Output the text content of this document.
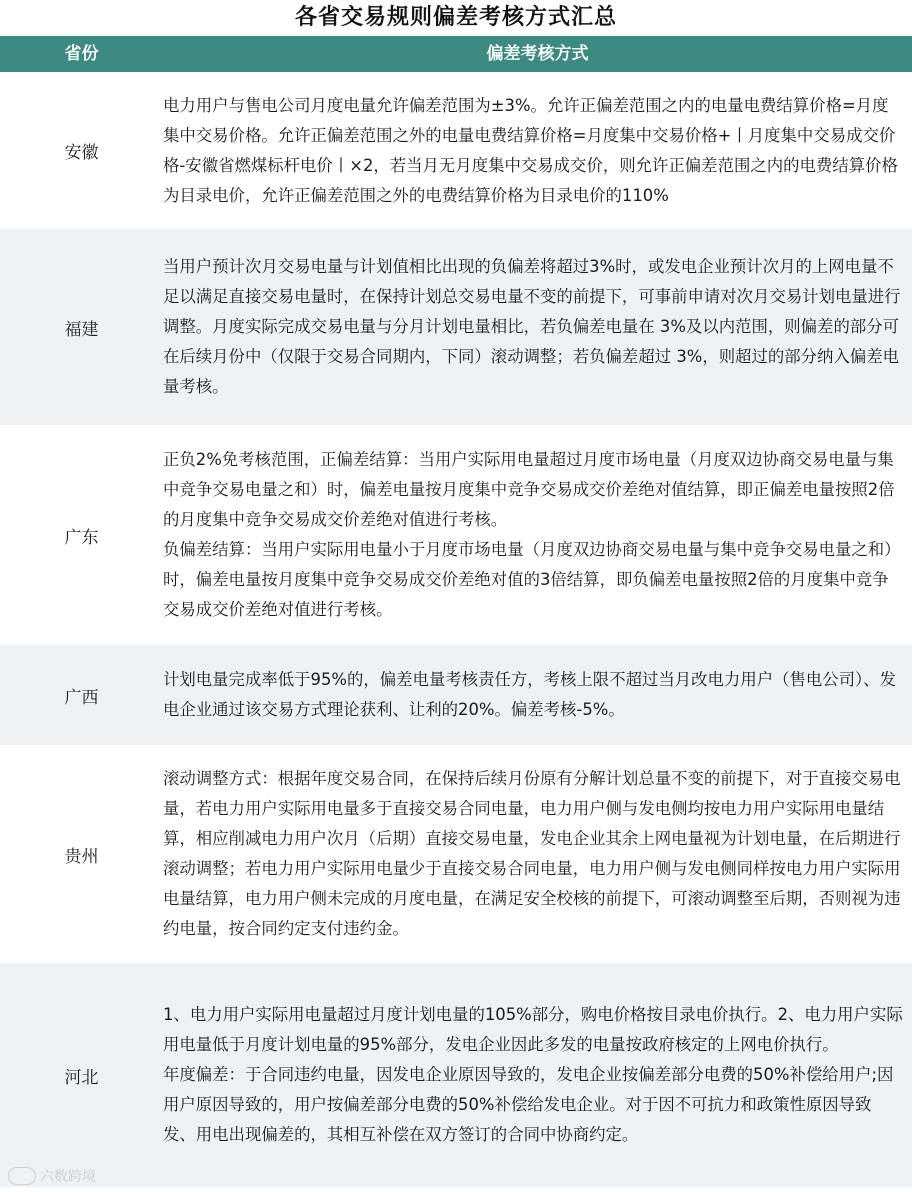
各省交易规则偏差考核方式汇总
省份	偏差考核方式
安徽

电力用户与售电公司月度电量允许偏差范围为±3%。允许正偏差范围之内的电量电费结算价格=月度集中交易价格。允许正偏差范围之外的电量电费结算价格=月度集中交易价格+丨月度集中交易成交价格-安徽省燃煤标杆电价丨×2，若当月无月度集中交易成交价，则允许正偏差范围之内的电费结算价格为目录电价，允许正偏差范围之外的电费结算价格为目录电价的110%

福建

当用户预计次月交易电量与计划值相比出现的负偏差将超过3%时，或发电企业预计次月的上网电量不足以满足直接交易电量时，在保持计划总交易电量不变的前提下，可事前申请对次月交易计划电量进行调整。月度实际完成交易电量与分月计划电量相比，若负偏差电量在 3%及以内范围，则偏差的部分可在后续月份中（仅限于交易合同期内，下同）滚动调整；若负偏差超过 3%，则超过的部分纳入偏差电量考核。

广东

正负2%免考核范围，正偏差结算：当用户实际用电量超过月度市场电量（月度双边协商交易电量与集中竞争交易电量之和）时，偏差电量按月度集中竞争交易成交价差绝对值结算，即正偏差电量按照2倍的月度集中竞争交易成交价差绝对值进行考核。

负偏差结算：当用户实际用电量小于月度市场电量（月度双边协商交易电量与集中竞争交易电量之和）时，偏差电量按月度集中竞争交易成交价差绝对值的3倍结算，即负偏差电量按照2倍的月度集中竞争交易成交价差绝对值进行考核。

广西

计划电量完成率低于95%的，偏差电量考核责任方，考核上限不超过当月改电力用户（售电公司）、发电企业通过该交易方式理论获利、让利的20%。偏差考核-5%。

贵州

滚动调整方式：根据年度交易合同，在保持后续月份原有分解计划总量不变的前提下，对于直接交易电量，若电力用户实际用电量多于直接交易合同电量，电力用户侧与发电侧均按电力用户实际用电量结算，相应削减电力用户次月（后期）直接交易电量，发电企业其余上网电量视为计划电量，在后期进行滚动调整；若电力用户实际用电量少于直接交易合同电量，电力用户侧与发电侧同样按电力用户实际用电量结算，电力用户侧未完成的月度电量，在满足安全校核的前提下，可滚动调整至后期，否则视为违约电量，按合同约定支付违约金。

河北

1、电力用户实际用电量超过月度计划电量的105%部分，购电价格按目录电价执行。2、电力用户实际用电量低于月度计划电量的95%部分，发电企业因此多发的电量按政府核定的上网电价执行。

年度偏差：于合同违约电量，因发电企业原因导致的，发电企业按偏差部分电费的50%补偿给用户;因用户原因导致的，用户按偏差部分电费的50%补偿给发电企业。对于因不可抗力和政策性原因导致发、用电出现偏差的，其相互补偿在双方签订的合同中协商约定。

六数跨境
